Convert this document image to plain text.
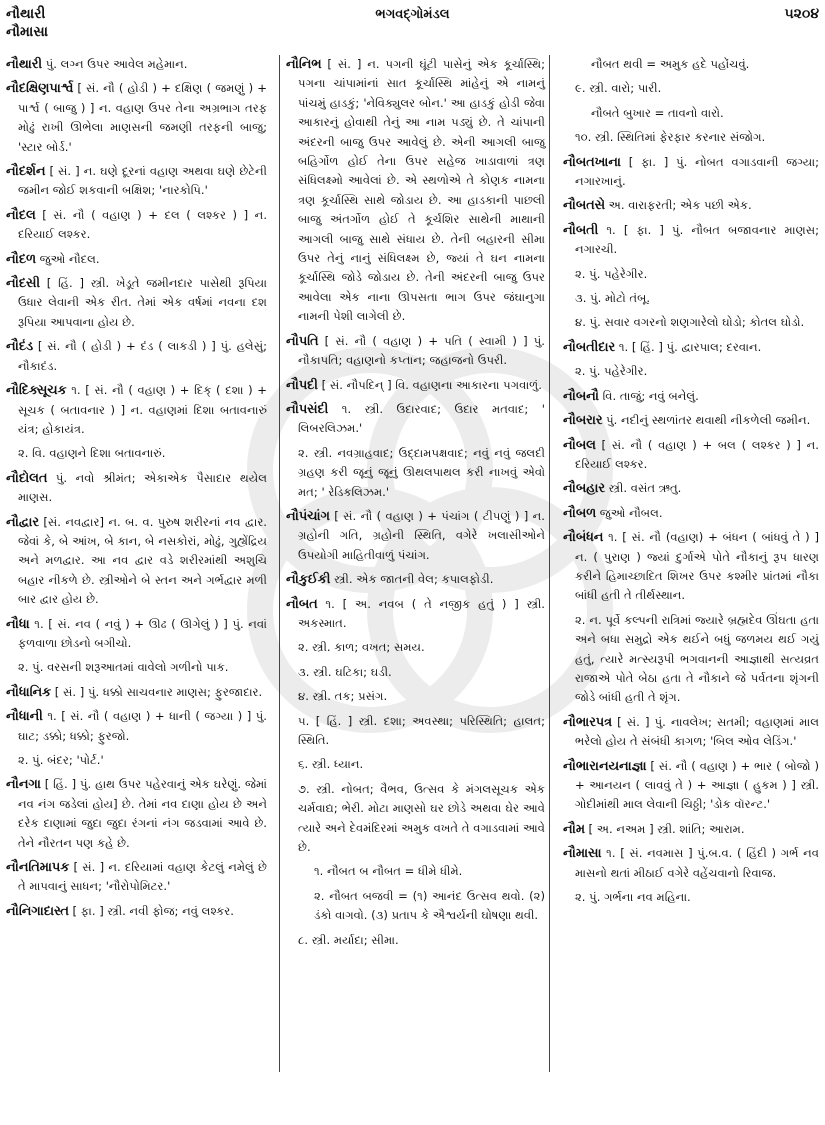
નૌથારી
નૌમાસા
ભગવદ્ગોમંડલ	૫૨૦૪

નૌથારી પું. લગ્ન ઉપર આવેલ મહેમાન.

નૌદક્ષિણપાર્શ્વ [ સં. નૌ ( હોડી ) + દક્ષિણ ( જમણું ) + પાર્શ્વ ( બાજુ ) ] ન. વહાણ ઉપર તેના અગ્રભાગ તરફ મોઢું રાખી ઊભેલા માણસની જમણી તરફની બાજુ; 'સ્ટાર બોર્ડ.'

નૌદર્શન [ સં. ] ન. ઘણે દૂરનાં વહાણ અથવા ઘણે છેટેની જમીન જોઈ શકવાની બક્ષિશ; 'નારકોપિ.'

નૌદલ [ સં. નૌ ( વહાણ ) + દલ ( લશ્કર ) ] ન. દરિયાઈ લશ્કર.

નૌદળ જુઓ નૌદલ.

નૌદસી [ હિં. ] સ્ત્રી. ખેડૂતે જમીનદાર પાસેથી રૂપિયા ઉધાર લેવાની એક રીત. તેમાં એક વર્ષમાં નવના દશ રૂપિયા આપવાના હોય છે.

નૌદંડ [ સં. નૌ ( હોડી ) + દંડ ( લાકડી ) ] પું. હલેસું; નૌકાદંડ.

નૌદિક્સૂચક ૧. [ સં. નૌ ( વહાણ ) + દિક્ ( દશા ) + સૂચક ( બતાવનાર ) ] ન. વહાણમાં દિશા બતાવનારું યંત્ર; હોકાયંત્ર.

૨. વિ. વહાણને દિશા બતાવનારું.

નૌદોલત પું. નવો શ્રીમંત; એકાએક પૈસાદાર થયેલ માણસ.

નૌદ્વાર [સં. નવદ્વાર] ન. બ. વ. પુરુષ શરીરનાં નવ દ્વાર. જેવાં કે, બે આંખ, બે કાન, બે નસકોરાં, મોઢું, ગુહ્યેંદ્રિય અને મળદ્વાર. આ નવ દ્વાર વડે શરીરમાંથી અશુચિ બહાર નીકળે છે. સ્ત્રીઓને બે સ્તન અને ગર્ભદ્વાર મળી બાર દ્વાર હોય છે.

નૌધા ૧. [ સં. નવ ( નવું ) + ઊઢ ( ઊગેલું ) ] પું. નવાં ફળવાળા છોડનો બગીચો.

૨. પું. વરસની શરૂઆતમાં વાવેલો ગળીનો પાક.

નૌધાનિક [ સં. ] પું. ધક્કો સાચવનાર માણસ; ફુરજાદાર.

નૌધાની ૧. [ સં. નૌ ( વહાણ ) + ધાની ( જગ્યા ) ] પું. ઘાટ; ડક્કો; ધક્કો; ફુરજો.

૨. પું. બંદર; 'પોર્ટ.'

નૌનગા [ હિં. ] પું. હાથ ઉપર પહેરવાનું એક ઘરેણું. જેમાં નવ નંગ જડેલાં હોય] છે. તેમાં નવ દાણા હોય છે અને દરેક દાણામાં જુદા જુદા રંગનાં નંગ જડવામાં આવે છે. તેને નૌરતન પણ કહે છે.

નૌનતિમાપક [ સં. ] ન. દરિયામાં વહાણ કેટલું નમેલું છે તે માપવાનું સાધન; 'નૌરોપોમિટર.'

નૌનિગાદાસ્ત [ ફા. ] સ્ત્રી. નવી ફોજ; નવું લશ્કર.

નૌનિભ [ સં. ] ન. પગની ઘૂંટી પાસેનું એક કૂર્ચાસ્થિ; પગના ચાંપામાંનાં સાત કૂર્ચાસ્થિ માંહેનું એ નામનું પાંચમું હાડકું; 'નેવિક્યુલર બોન.' આ હાડકું હોડી જેવા આકારનું હોવાથી તેનું આ નામ પડ્યું છે. તે ચાંપાની અંદરની બાજુ ઉપર આવેલું છે. એની આગલી બાજુ બહિર્ગોળ હોઈ તેના ઉપર સહેજ ખાડાવાળાં ત્રણ સંધિલક્ષ્મો આવેલાં છે. એ સ્થળોએ તે કોણક નામના ત્રણ કૂર્ચાસ્થિ સાથે જોડાય છે. આ હાડકાની પાછલી બાજુ અંતર્ગોળ હોઈ તે કૂર્ચશિર સાથેની માથાની આગલી બાજુ સાથે સંધાય છે. તેની બહારની સીમા ઉપર તેનું નાનું સંધિલક્ષ્મ છે, જ્યાં તે ઘન નામના કૂર્ચાસ્થિ જોડે જોડાય છે. તેની અંદરની બાજુ ઉપર આવેલા એક નાના ઊપસતા ભાગ ઉપર જંઘાનુગા નામની પેશી લાગેલી છે.

નૌપતિ [ સં. નૌ ( વહાણ ) + પતિ ( સ્વામી ) ] પું. નૌકાપતિ; વહાણનો કપ્તાન; જહાજનો ઉપરી.

નૌપદી [ સં. નૌપદિન્ ] વિ. વહાણના આકારના પગવાળું.

નૌપસંદી ૧. સ્ત્રી. ઉદારવાદ; ઉદાર મતવાદ; ' લિબરલિઝમ.'

૨. સ્ત્રી. નવગ્રાહવાદ; ઉદ્દામપક્ષવાદ; નવું નવું જલદી ગ્રહણ કરી જૂનું જૂનું ઊથલપાથલ કરી નાખવું એવો મત; ' રેડિકલિઝમ.'

નૌપંચાંગ [ સં. નૌ ( વહાણ ) + પંચાંગ ( ટીપણું ) ] ન. ગ્રહોની ગતિ, ગ્રહોની સ્થિતિ, વગેરે ખલાસીઓને ઉપયોગી માહિતીવાળું પંચાંગ.

નૌકુઈકી સ્ત્રી. એક જાતની વેલ; કપાલફોડી.

નૌબત ૧. [ અ. નવબ ( તે નજીક હતું ) ] સ્ત્રી. અકસ્માત.

૨. સ્ત્રી. કાળ; વખત; સમય.

૩. સ્ત્રી. ઘટિકા; ઘડી.

૪. સ્ત્રી. તક; પ્રસંગ.

૫. [ હિં. ] સ્ત્રી. દશા; અવસ્થા; પરિસ્થિતિ; હાલત; સ્થિતિ.

૬. સ્ત્રી. ધ્યાન.

૭. સ્ત્રી. નોબત; વૈભવ, ઉત્સવ કે મંગલસૂચક એક ચર્મવાદ્ય; ભેરી. મોટા માણસો ઘર છોડે અથવા ઘેર આવે ત્યારે અને દેવમંદિરમાં અમુક વખતે તે વગાડવામાં આવે છે.

૧. નૌબત બ નૌબત = ધીમે ધીમે.

૨. નૌબત બજવી = (૧) આનંદ ઉત્સવ થવો. (૨) ડંકો વાગવો. (૩) પ્રતાપ કે ઐશ્વર્યની ઘોષણા થવી.

૮. સ્ત્રી. મર્યાદા; સીમા.

નૌબત થવી = અમુક હદે પહોંચવું.

૯. સ્ત્રી. વારો; પારી.

નૌબતે બુખાર = તાવનો વારો.

૧૦. સ્ત્રી. સ્થિતિમાં ફેરફાર કરનાર સંજોગ.

નૌબતખાના [ ફા. ] પું. નોબત વગાડવાની જગ્યા; નગારખાનું.

નૌબતસે અ. વારાફરતી; એક પછી એક.

નૌબતી ૧. [ ફા. ] પું. નૌબત બજાવનાર માણસ; નગારચી.

૨. પું. પહેરેગીર.

૩. પું. મોટો તંબૂ.

૪. પું. સવાર વગરનો શણગારેલો ઘોડો; કોતલ ઘોડો.

નૌબતીદાર ૧. [ હિં. ] પું. દ્વારપાલ; દરવાન.

૨. પું. પહેરેગીર.

નૌબનૌ વિ. તાજું; નવું બનેલું.

નૌબરાર પું. નદીનું સ્થળાંતર થવાથી નીકળેલી જમીન.

નૌબલ [ સં. નૌ ( વહાણ ) + બલ ( લશ્કર ) ] ન. દરિયાઈ લશ્કર.

નૌબહાર સ્ત્રી. વસંત ઋતુ.

નૌબળ જુઓ નૌબલ.

નૌબંધન ૧. [ સં. નૌ (વહાણ) + બંધન ( બાંધવું તે ) ] ન. ( પુરાણ ) જ્યાં દુર્ગાએ પોતે નૌકાનું રૂપ ધારણ કરીને હિમાચ્છાદિત શિખર ઉપર કશ્મીર પ્રાંતમાં નૌકા બાંધી હતી તે તીર્થસ્થાન.

૨. ન. પૂર્વે કલ્પની રાત્રિમાં જ્યારે બ્રહ્મદેવ ઊંઘતા હતા અને બધા સમુદ્રો એક થઈને બધું જળમય થઈ ગયું હતું, ત્યારે મત્સ્યરૂપી ભગવાનની આજ્ઞાથી સત્યવ્રત રાજાએ પોતે બેઠા હતા તે નૌકાને જે પર્વતના શૃંગની જોડે બાંધી હતી તે શૃંગ.

નૌભારપત્ર [ સં. ] પું. નાવલેખ; સતમી; વહાણમાં માલ ભરેલો હોય તે સંબંધી કાગળ; 'બિલ ઓવ લેડિંગ.'

નૌભારાનયનાજ્ઞા [ સં. નૌ ( વહાણ ) + ભાર ( બોજો ) + આનયન ( લાવવું તે ) + આજ્ઞા ( હુકમ ) ] સ્ત્રી. ગોદીમાંથી માલ લેવાની ચિઠ્ઠી; 'ડોક વૉરન્ટ.'

નૌમ [ અ. નઅમ ] સ્ત્રી. શાંતિ; આરામ.

નૌમાસા ૧. [ સં. નવમાસ ] પું.બ.વ. ( હિંદી ) ગર્ભ નવ માસનો થતાં મીઠાઈ વગેરે વહેંચવાનો રિવાજ.

૨. પું. ગર્ભના નવ મહિના.
